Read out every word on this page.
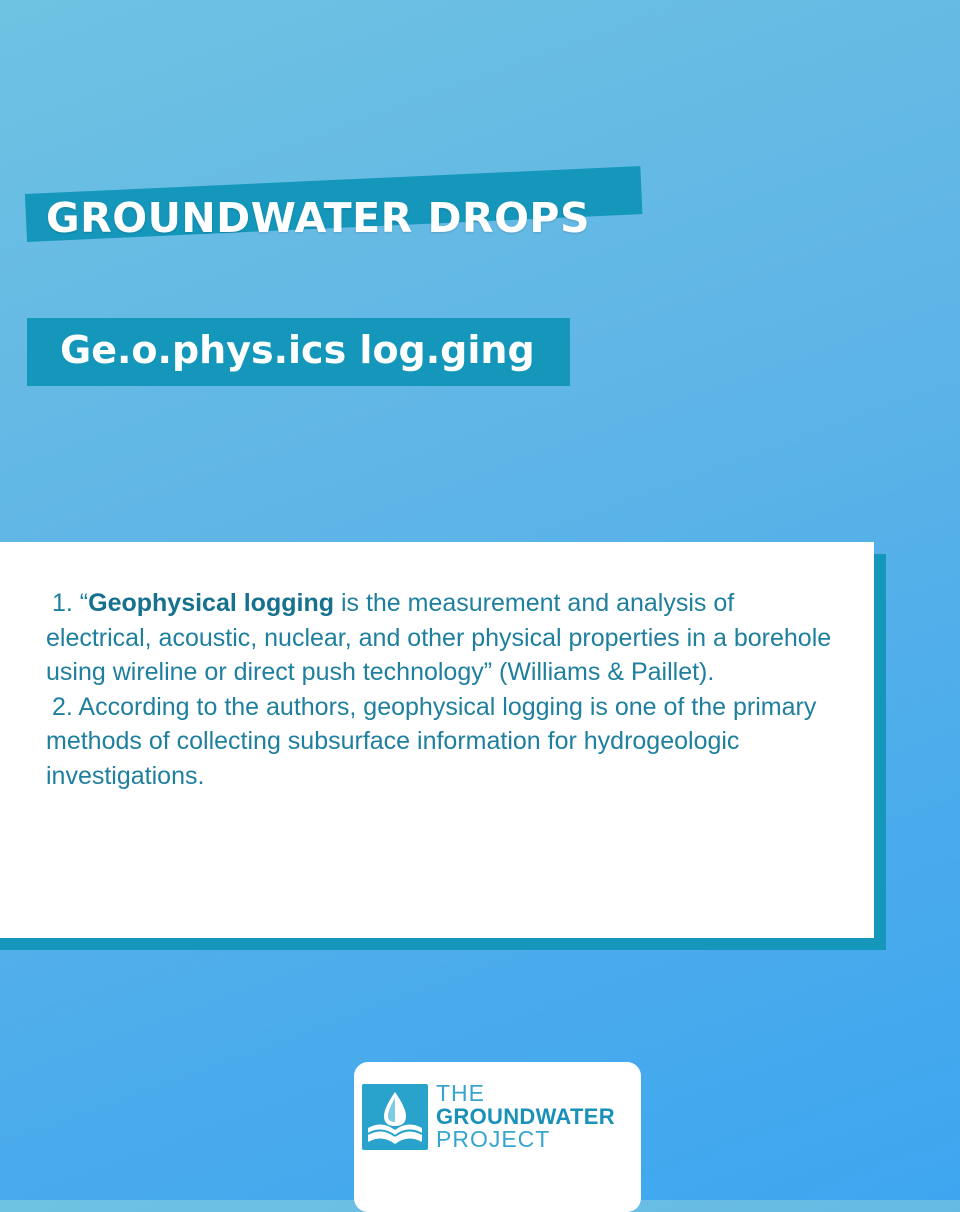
GROUNDWATER DROPS
Ge.o.phys.ics log.ging

1. “Geophysical logging is the measurement and analysis of electrical, acoustic, nuclear, and other physical properties in a borehole using wireline or direct push technology” (Williams & Paillet).

2. According to the authors, geophysical logging is one of the primary methods of collecting subsurface information for hydrogeologic investigations.

THE
GROUNDWATER
PROJECT
